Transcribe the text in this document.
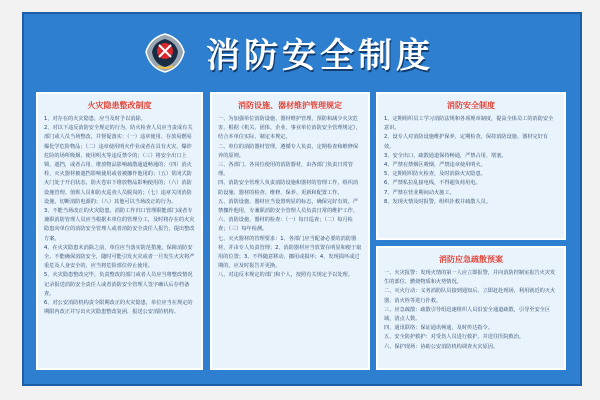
消防安全制度
火灾隐患整改制度

1、对存在的火灾隐患，应当及时予以消除。

2、对以下违反消防安全规定的行为，防火检查人员应当责成有关部门或人员当场整改，并督促落实：（一）违章使用、存放易燃易爆化学危险物品；（二）违章使用明火作业或者在具有火灾、爆炸危险的场所吸烟、使用明火等违反禁令的；（三）将安全出口上锁、遮挡，或者占用、堆放物品影响疏散通道畅通的；（四）消火栓、灭火器材被遮挡影响使用或者被挪作他用的；（五）常闭式防火门处于开启状态，防火卷帘下堆放物品影响使用的；（六）消防设施管理、值班人员和防火巡查人员脱岗的；（七）违章关闭消防设施、切断消防电源的；（八）其他可以当场改正的行为。

3、不能当场改正的火灾隐患，消防工作归口管理职能部门或者专兼职消防管理人员应当根据本单位的管理分工，及时将存在的火灾隐患向单位的消防安全管理人或者消防安全责任人报告，提出整改方案。

4、在火灾隐患未消除之前，单位应当落实防范措施，保障消防安全。不能确保消防安全，随时可能引发火灾或者一旦发生火灾将严重危及人身安全的，应当将危险部位停止使用。

5、火灾隐患整改完毕，负责整改的部门或者人员应当将整改情况记录报送消防安全责任人或者消防安全管理人签字确认后存档备查。

6、对公安消防机构责令限期改正的火灾隐患，单位应当在规定的期限内改正并写出火灾隐患整改复函，报送公安消防机构。

消防设施、器材维护管理规定

一、为加强单位消防设施、器材维护管理，预防和减少火灾危害，根据《机关、团体、企业、事业单位消防安全管理规定》，结合本单位实际，制定本规定。

二、单位的消防器材管理，遵循专人负责，定期检查和维修保养的原则。

三、各部门、各岗位使用的消防器材，由各部门负责日常管理。

四、消防安全管理人负责消防设施和器材的管理工作，组织消防设施、器材的检查、维修、保养、更新和配置工作。

五、消防设施、器材应当设置明显的标志，确保完好有效，严禁挪作他用，专兼职消防安全管理人员负责日常的维护工作。

六、消防设施、器材的检查：（一）每日巡查；（二）每月检查；（三）每年检测。

七、灭火器材的管理要求：1、各部门应当配备必要的消防器材，并由专人负责管理；2、消防器材应当放置在明显和便于取用的位置；3、不得随意移动、挪用或损坏；4、发现损坏或过期的，应及时报告并更换。

八、对违反本规定的部门和个人，按照有关规定予以处理。

消防安全制度

1、定期组织员工学习消防法规和各项规章制度，提高全体员工的消防安全意识。

2、设专人对消防设施维护保养，定期检查，保持消防设施、器材完好有效。

3、安全出口、疏散通道保持畅通，严禁占用、堵塞。

4、严禁在禁烟区吸烟，严禁违章使用明火。

5、定期组织防火检查，及时消除火灾隐患。

6、严禁私拉乱接电线，不得超负荷用电。

7、严禁在营业期间动火施工。

8、发现火情及时报警，组织扑救并疏散人员。

消防应急疏散预案

一、火灾报警：发现火情的第一人应立即报警，并向消防控制室报告火灾发生的部位、燃烧物质和火势情况。

二、灭火行动：义务消防队员接到通知后，立即赶赴现场，利用就近的灭火器、消火栓等进行扑救。

三、应急疏散：疏散引导组迅速组织人员沿安全通道疏散，引导至安全区域，清点人数。

四、通讯联络：保证通讯畅通，及时传达指令。

五、安全防护救护：对受伤人员进行救护，并送往医院救治。

六、保护现场：协助公安消防机构调查火灾原因。
